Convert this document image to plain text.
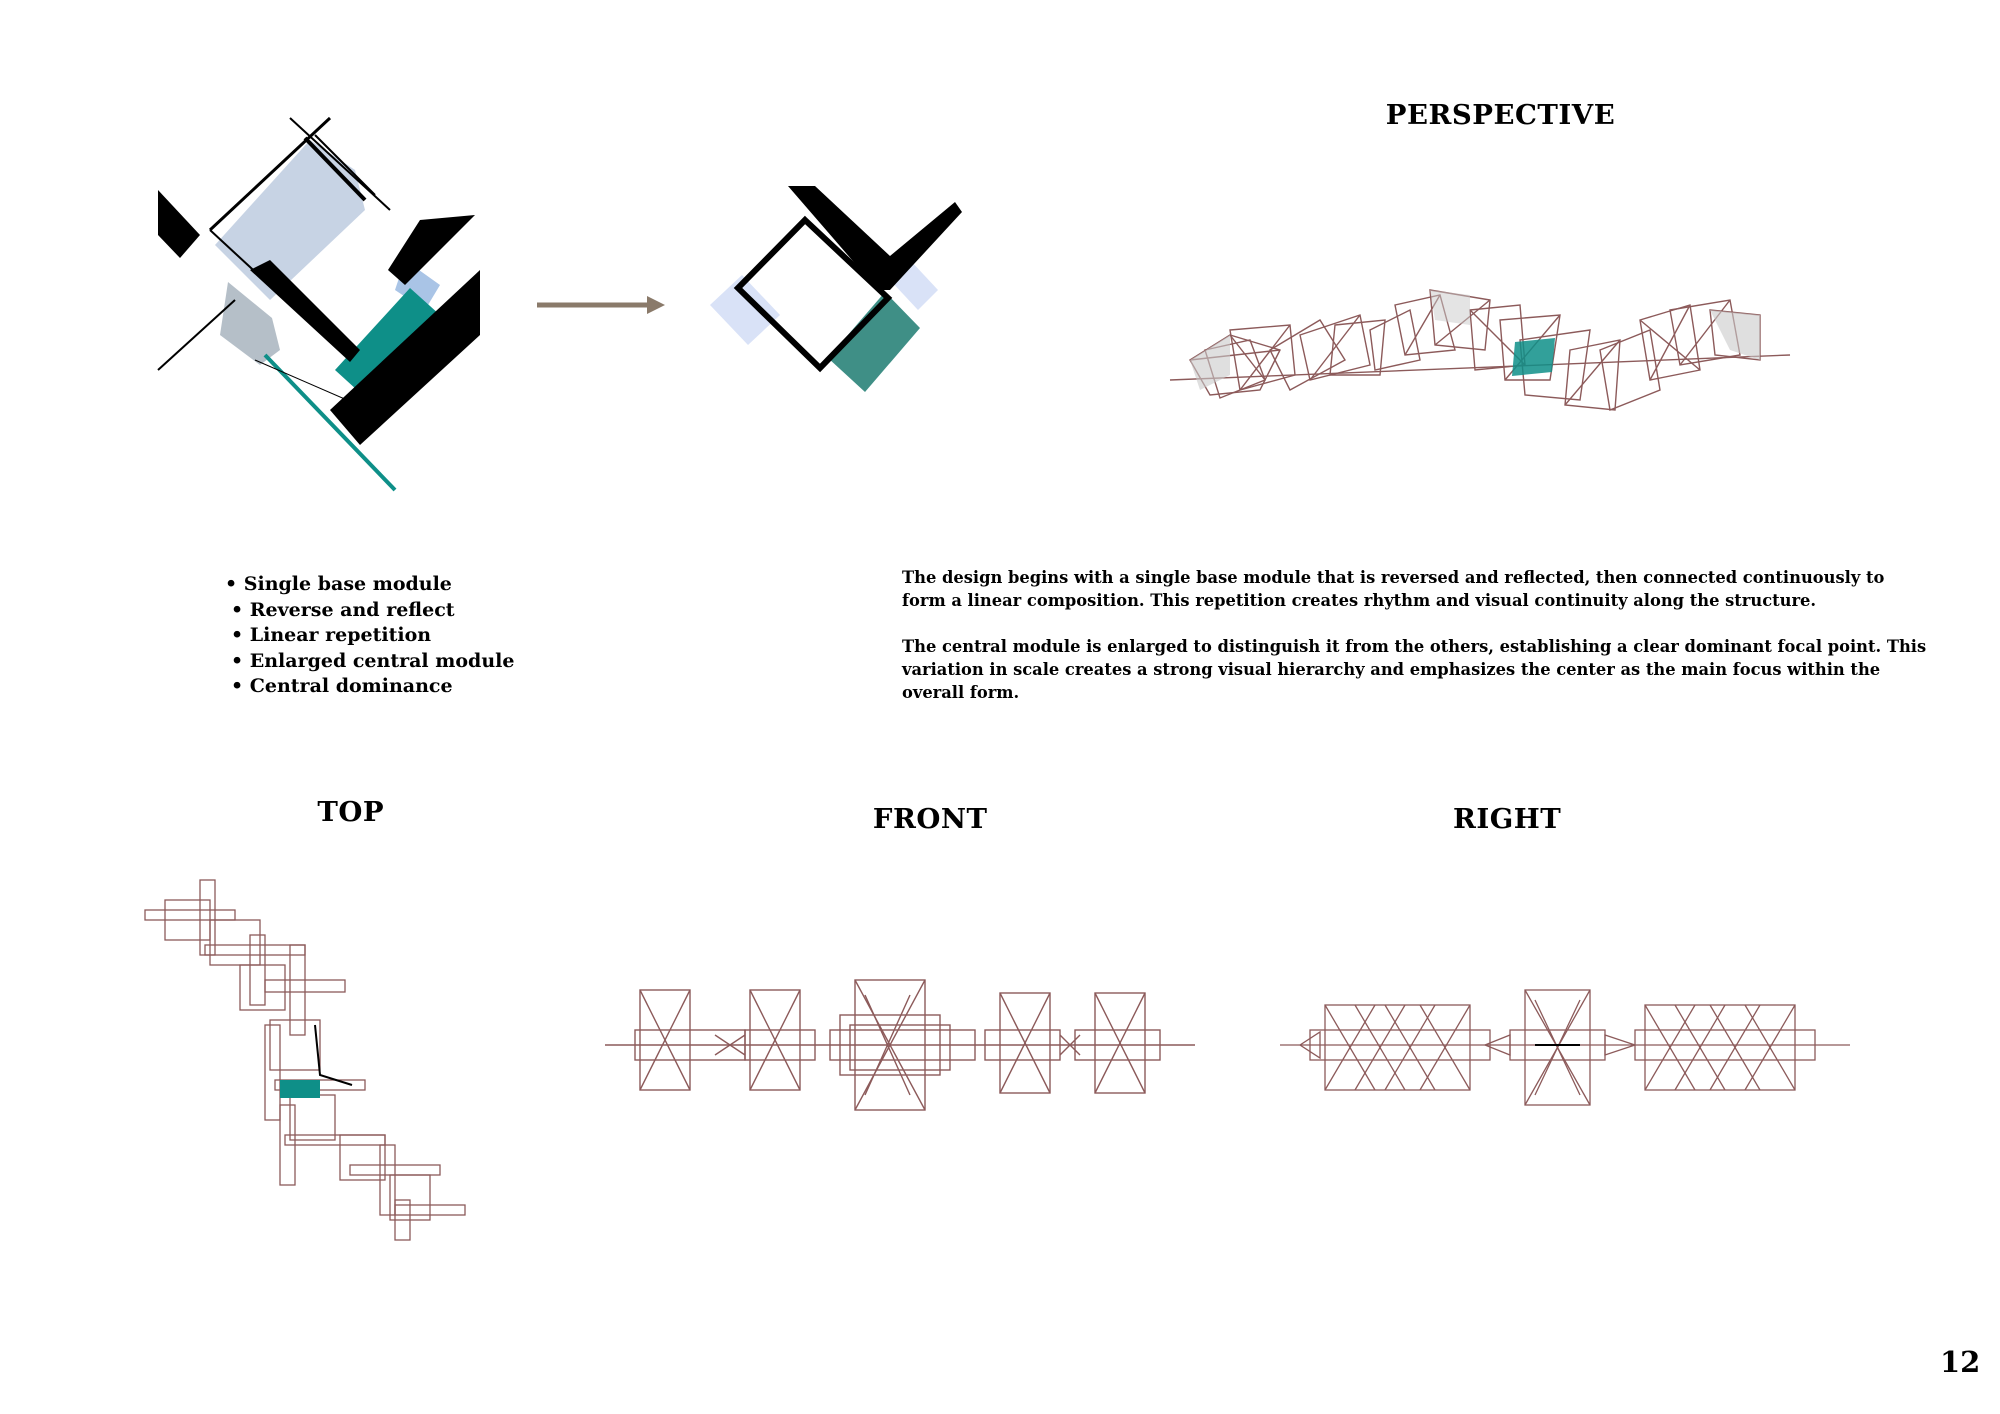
PERSPECTIVE
TOP	FRONT	RIGHT
• Single base module
• Reverse and reflect
• Linear repetition
• Enlarged central module
• Central dominance
The design begins with a single base module that is reversed and reflected, then connected continuously to form a linear composition. This repetition creates rhythm and visual continuity along the structure.
The central module is enlarged to distinguish it from the others, establishing a clear dominant focal point. This variation in scale creates a strong visual hierarchy and emphasizes the center as the main focus within the overall form.
12
